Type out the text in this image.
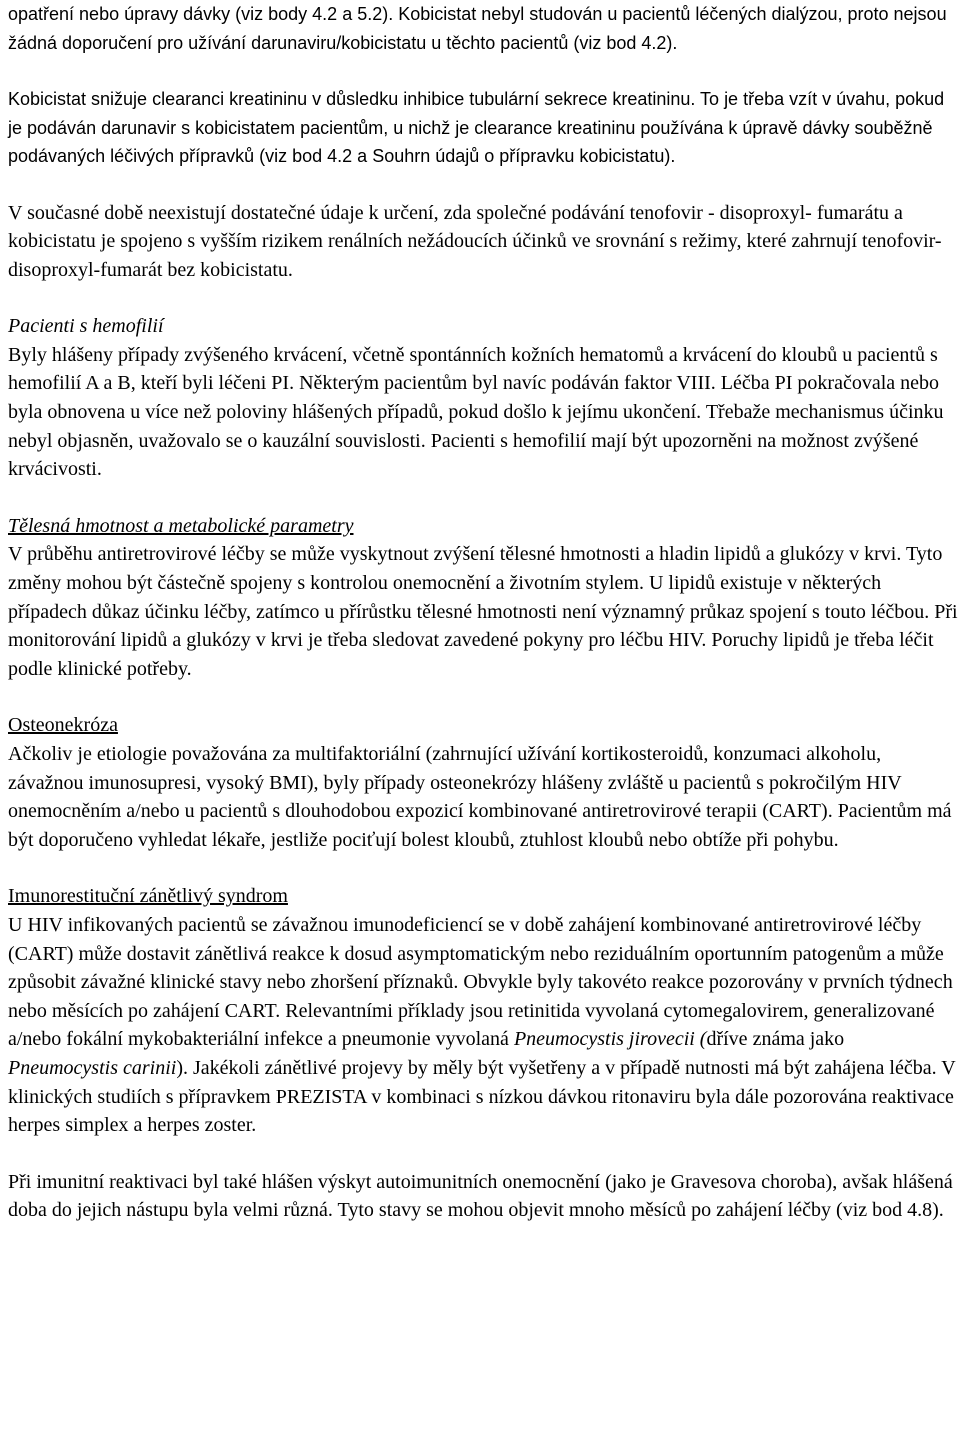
opatření nebo úpravy dávky (viz body 4.2 a 5.2). Kobicistat nebyl studován u pacientů léčených dialýzou, proto nejsou žádná doporučení pro užívání darunaviru/kobicistatu u těchto pacientů (viz bod 4.2).

Kobicistat snižuje clearanci kreatininu v důsledku inhibice tubulární sekrece kreatininu. To je třeba vzít v úvahu, pokud je podáván darunavir s kobicistatem pacientům, u nichž je clearance kreatininu používána k úpravě dávky souběžně podávaných léčivých přípravků (viz bod 4.2 a Souhrn údajů o přípravku kobicistatu).

V současné době neexistují dostatečné údaje k určení, zda společné podávání tenofovir - disoproxyl- fumarátu a kobicistatu je spojeno s vyšším rizikem renálních nežádoucích účinků ve srovnání s režimy, které zahrnují tenofovir-disoproxyl-fumarát bez kobicistatu.

Pacienti s hemofilií

Byly hlášeny případy zvýšeného krvácení, včetně spontánních kožních hematomů a krvácení do kloubů u pacientů s hemofilií A a B, kteří byli léčeni PI. Některým pacientům byl navíc podáván faktor VIII. Léčba PI pokračovala nebo byla obnovena u více než poloviny hlášených případů, pokud došlo k jejímu ukončení. Třebaže mechanismus účinku nebyl objasněn, uvažovalo se o kauzální souvislosti. Pacienti s hemofilií mají být upozorněni na možnost zvýšené krvácivosti.

Tělesná hmotnost a metabolické parametry

V průběhu antiretrovirové léčby se může vyskytnout zvýšení tělesné hmotnosti a hladin lipidů a glukózy v krvi. Tyto změny mohou být částečně spojeny s kontrolou onemocnění a životním stylem. U lipidů existuje v některých případech důkaz účinku léčby, zatímco u přírůstku tělesné hmotnosti není významný průkaz spojení s touto léčbou. Při monitorování lipidů a glukózy v krvi je třeba sledovat zavedené pokyny pro léčbu HIV. Poruchy lipidů je třeba léčit podle klinické potřeby.

Osteonekróza

Ačkoliv je etiologie považována za multifaktoriální (zahrnující užívání kortikosteroidů, konzumaci alkoholu, závažnou imunosupresi, vysoký BMI), byly případy osteonekrózy hlášeny zvláště u pacientů s pokročilým HIV onemocněním a/nebo u pacientů s dlouhodobou expozicí kombinované antiretrovirové terapii (CART). Pacientům má být doporučeno vyhledat lékaře, jestliže pociťují bolest kloubů, ztuhlost kloubů nebo obtíže při pohybu.

Imunorestituční zánětlivý syndrom

U HIV infikovaných pacientů se závažnou imunodeficiencí se v době zahájení kombinované antiretrovirové léčby (CART) může dostavit zánětlivá reakce k dosud asymptomatickým nebo reziduálním oportunním patogenům a může způsobit závažné klinické stavy nebo zhoršení příznaků. Obvykle byly takovéto reakce pozorovány v prvních týdnech nebo měsících po zahájení CART. Relevantními příklady jsou retinitida vyvolaná cytomegalovirem, generalizované a/nebo fokální mykobakteriální infekce a pneumonie vyvolaná Pneumocystis jirovecii (dříve známa jako Pneumocystis carinii). Jakékoli zánětlivé projevy by měly být vyšetřeny a v případě nutnosti má být zahájena léčba. V klinických studiích s přípravkem PREZISTA v kombinaci s nízkou dávkou ritonaviru byla dále pozorována reaktivace herpes simplex a herpes zoster.

Při imunitní reaktivaci byl také hlášen výskyt autoimunitních onemocnění (jako je Gravesova choroba), avšak hlášená doba do jejich nástupu byla velmi různá. Tyto stavy se mohou objevit mnoho měsíců po zahájení léčby (viz bod 4.8).
